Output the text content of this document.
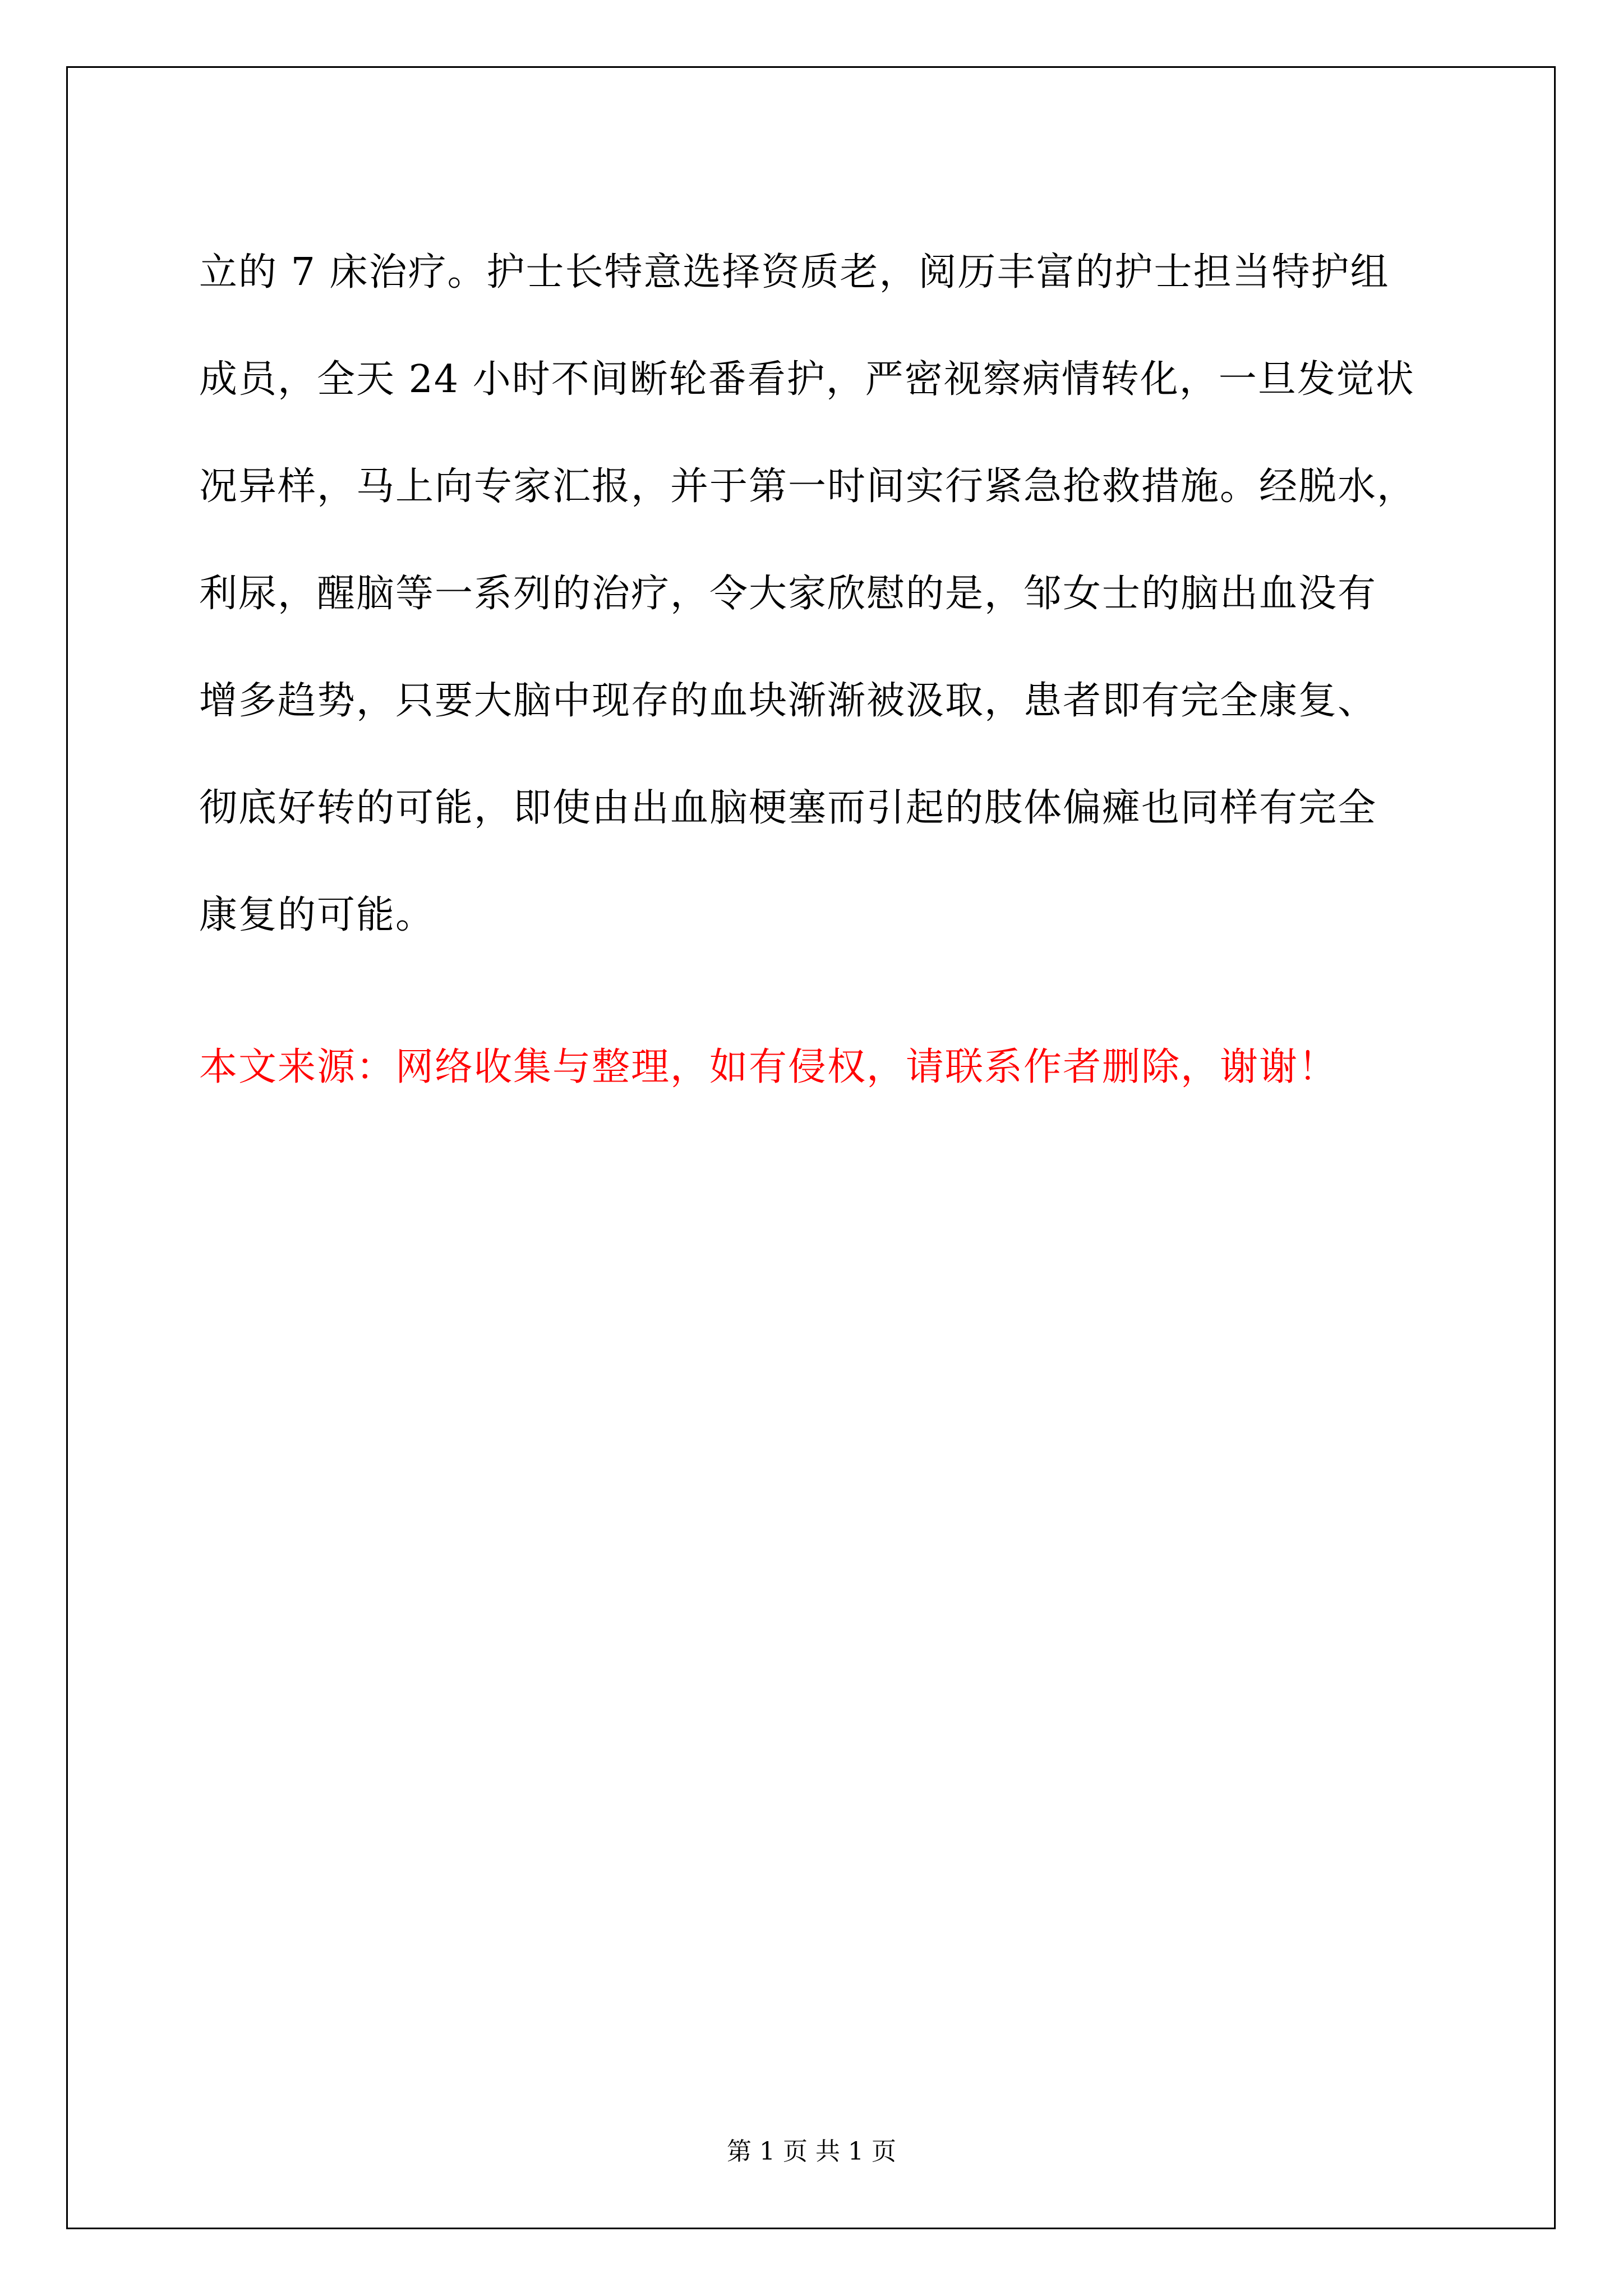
立的 7 床治疗。护士长特意选择资质老，阅历丰富的护士担当特护组
成员，全天 24 小时不间断轮番看护，严密视察病情转化，一旦发觉状
况异样，马上向专家汇报，并于第一时间实行紧急抢救措施。经脱水，
利尿，醒脑等一系列的治疗，令大家欣慰的是，邹女士的脑出血没有
增多趋势，只要大脑中现存的血块渐渐被汲取，患者即有完全康复、
彻底好转的可能，即使由出血脑梗塞而引起的肢体偏瘫也同样有完全
康复的可能。

本文来源：网络收集与整理，如有侵权，请联系作者删除，谢谢！

第 1 页 共 1 页
